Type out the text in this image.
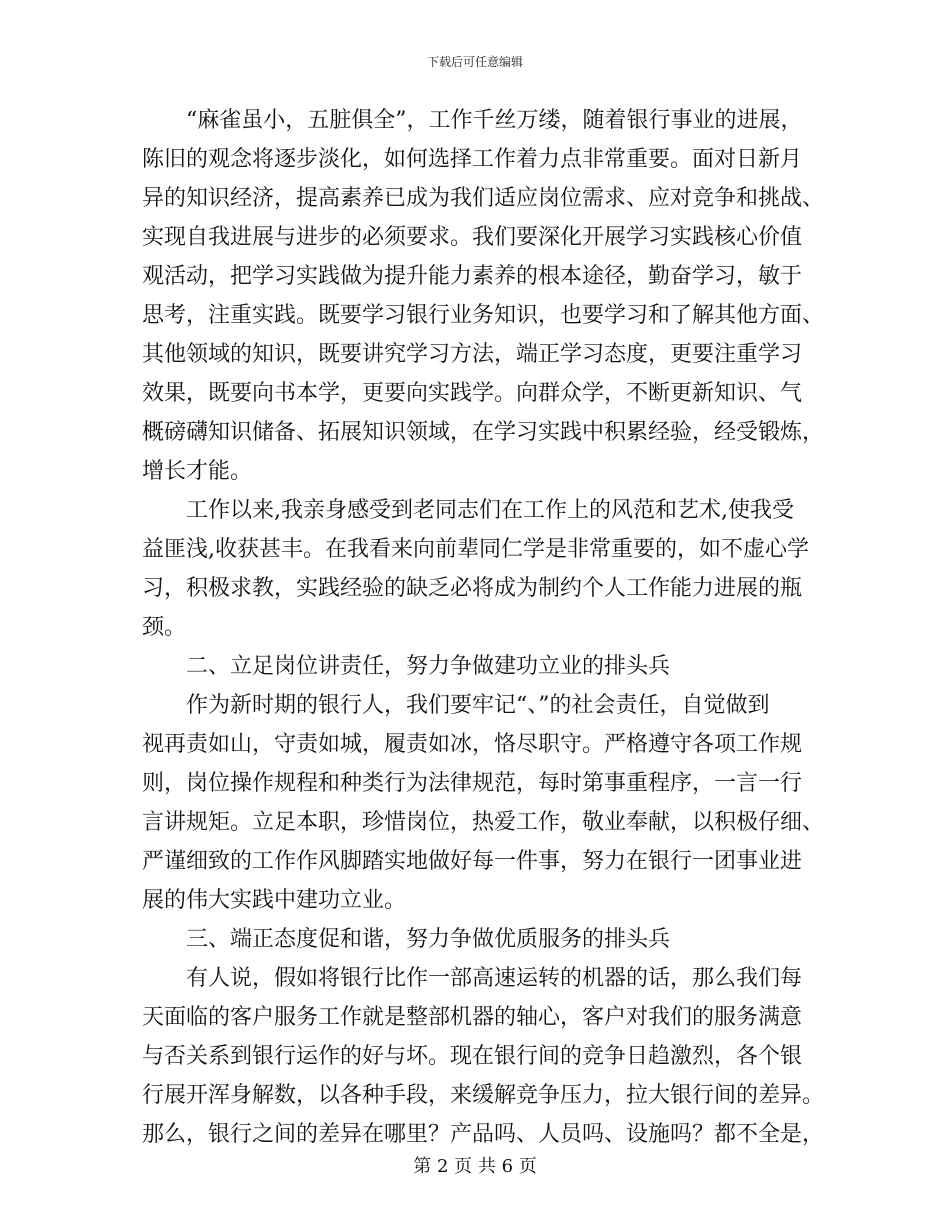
下载后可任意编辑
“麻雀虽小，五脏俱全”，工作千丝万缕，随着银行事业的进展，
陈旧的观念将逐步淡化，如何选择工作着力点非常重要。面对日新月
异的知识经济，提高素养已成为我们适应岗位需求、应对竞争和挑战、
实现自我进展与进步的必须要求。我们要深化开展学习实践核心价值
观活动，把学习实践做为提升能力素养的根本途径，勤奋学习，敏于
思考，注重实践。既要学习银行业务知识，也要学习和了解其他方面、
其他领域的知识，既要讲究学习方法，端正学习态度，更要注重学习
效果，既要向书本学，更要向实践学。向群众学，不断更新知识、气
概磅礴知识储备、拓展知识领域，在学习实践中积累经验，经受锻炼，
增长才能。
工作以来,我亲身感受到老同志们在工作上的风范和艺术,使我受
益匪浅,收获甚丰。在我看来向前辈同仁学是非常重要的，如不虚心学
习，积极求教，实践经验的缺乏必将成为制约个人工作能力进展的瓶
颈。
二、立足岗位讲责任，努力争做建功立业的排头兵
作为新时期的银行人，我们要牢记“、”的社会责任，自觉做到
视再责如山，守责如城，履责如冰，恪尽职守。严格遵守各项工作规
则，岗位操作规程和种类行为法律规范，每时第事重程序，一言一行
言讲规矩。立足本职，珍惜岗位，热爱工作，敬业奉献，以积极仔细、
严谨细致的工作作风脚踏实地做好每一件事，努力在银行一团事业进
展的伟大实践中建功立业。
三、端正态度促和谐，努力争做优质服务的排头兵
有人说，假如将银行比作一部高速运转的机器的话，那么我们每
天面临的客户服务工作就是整部机器的轴心，客户对我们的服务满意
与否关系到银行运作的好与坏。现在银行间的竞争日趋激烈，各个银
行展开浑身解数，以各种手段，来缓解竞争压力，拉大银行间的差异。
那么，银行之间的差异在哪里？产品吗、人员吗、设施吗？都不全是，
第 2 页 共 6 页
